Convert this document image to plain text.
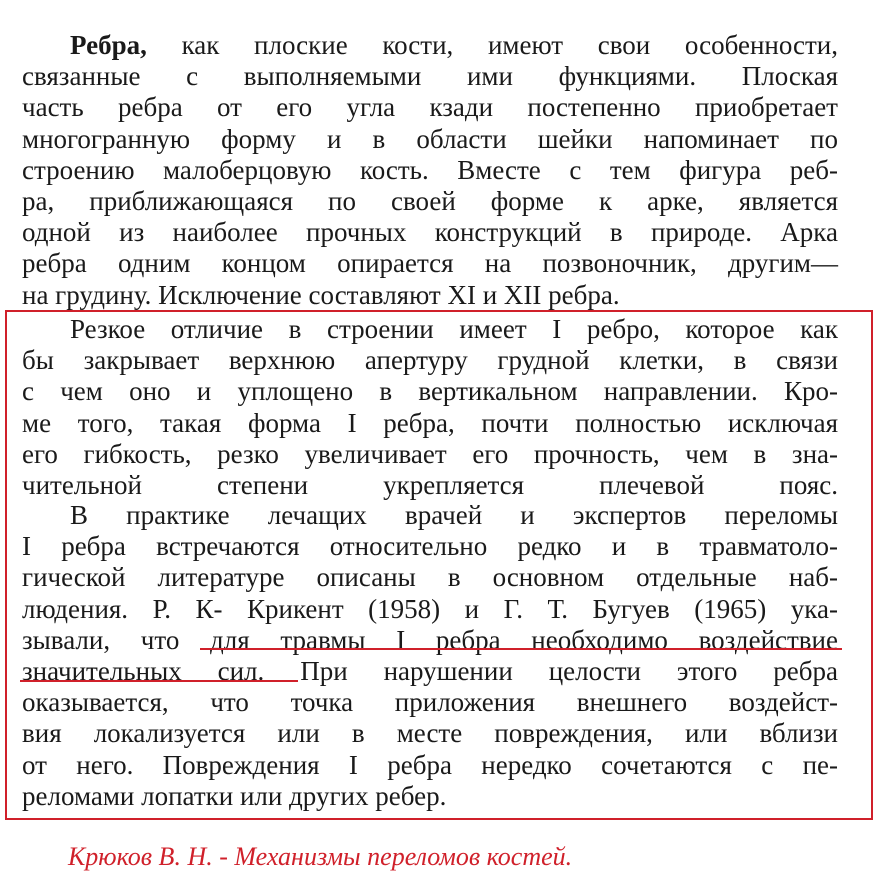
Ребра, как плоские кости, имеют свои особенности,
связанные с выполняемыми ими функциями. Плоская
часть ребра от его угла кзади постепенно приобретает
многогранную форму и в области шейки напоминает по
строению малоберцовую кость. Вместе с тем фигура реб-
ра, приближающаяся по своей форме к арке, является
одной из наиболее прочных конструкций в природе. Арка
ребра одним концом опирается на позвоночник, другим—
на грудину. Исключение составляют XI и XII ребра.
Резкое отличие в строении имеет I ребро, которое как
бы закрывает верхнюю апертуру грудной клетки, в связи
с чем оно и уплощено в вертикальном направлении. Кро-
ме того, такая форма I ребра, почти полностью исключая
его гибкость, резко увеличивает его прочность, чем в зна-
чительной степени укрепляется плечевой пояс.
В практике лечащих врачей и экспертов переломы
I ребра встречаются относительно редко и в травматоло-
гической литературе описаны в основном отдельные наб-
людения. Р. К- Крикент (1958) и Г. Т. Бугуев (1965) ука-
зывали, что для травмы I ребра необходимо воздействие
значительных сил. При нарушении целости этого ребра
оказывается, что точка приложения внешнего воздейст-
вия локализуется или в месте повреждения, или вблизи
от него. Повреждения I ребра нередко сочетаются с пе-
реломами лопатки или других ребер.
Крюков В. Н. - Механизмы переломов костей.
